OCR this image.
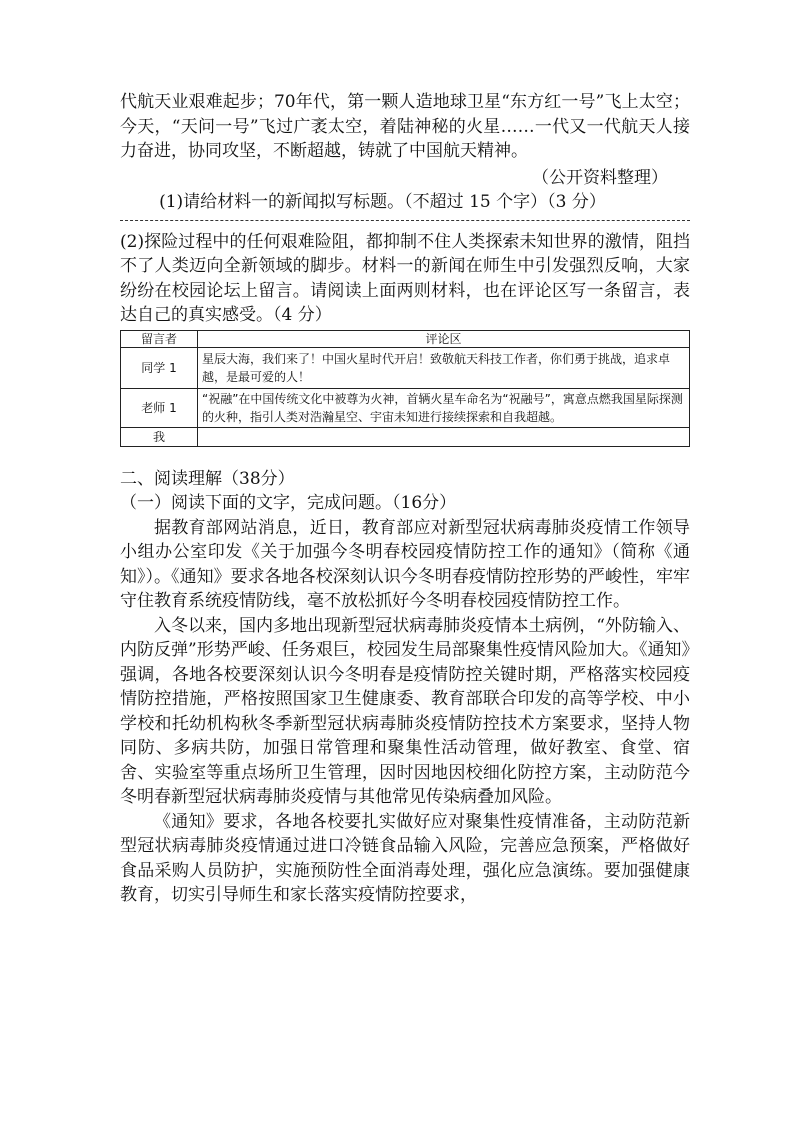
代航天业艰难起步；70年代，第一颗人造地球卫星“东方红一号”飞上太空；今天，“天问一号”飞过广袤太空，着陆神秘的火星……一代又一代航天人接力奋进，协同攻坚，不断超越，铸就了中国航天精神。

（公开资料整理）

(1)请给材料一的新闻拟写标题。（不超过 15 个字）（3 分）

(2)探险过程中的任何艰难险阻，都抑制不住人类探索未知世界的激情，阻挡不了人类迈向全新领域的脚步。材料一的新闻在师生中引发强烈反响，大家纷纷在校园论坛上留言。请阅读上面两则材料，也在评论区写一条留言，表达自己的真实感受。（4 分）

留言者	评论区
同学 1	星辰大海，我们来了！中国火星时代开启！致敬航天科技工作者，你们勇于挑战，追求卓越，是最可爱的人！
老师 1	“祝融”在中国传统文化中被尊为火神，首辆火星车命名为“祝融号”，寓意点燃我国星际探测的火种，指引人类对浩瀚星空、宇宙未知进行接续探索和自我超越。
我	

二、阅读理解（38分）

（一）阅读下面的文字，完成问题。（16分）

据教育部网站消息，近日，教育部应对新型冠状病毒肺炎疫情工作领导小组办公室印发《关于加强今冬明春校园疫情防控工作的通知》（简称《通知》）。《通知》要求各地各校深刻认识今冬明春疫情防控形势的严峻性，牢牢守住教育系统疫情防线，毫不放松抓好今冬明春校园疫情防控工作。

入冬以来，国内多地出现新型冠状病毒肺炎疫情本土病例，“外防输入、内防反弹”形势严峻、任务艰巨，校园发生局部聚集性疫情风险加大。《通知》强调，各地各校要深刻认识今冬明春是疫情防控关键时期，严格落实校园疫情防控措施，严格按照国家卫生健康委、教育部联合印发的高等学校、中小学校和托幼机构秋冬季新型冠状病毒肺炎疫情防控技术方案要求，坚持人物同防、多病共防，加强日常管理和聚集性活动管理，做好教室、食堂、宿舍、实验室等重点场所卫生管理，因时因地因校细化防控方案，主动防范今冬明春新型冠状病毒肺炎疫情与其他常见传染病叠加风险。

《通知》要求，各地各校要扎实做好应对聚集性疫情准备，主动防范新型冠状病毒肺炎疫情通过进口冷链食品输入风险，完善应急预案，严格做好食品采购人员防护，实施预防性全面消毒处理，强化应急演练。要加强健康教育，切实引导师生和家长落实疫情防控要求，
